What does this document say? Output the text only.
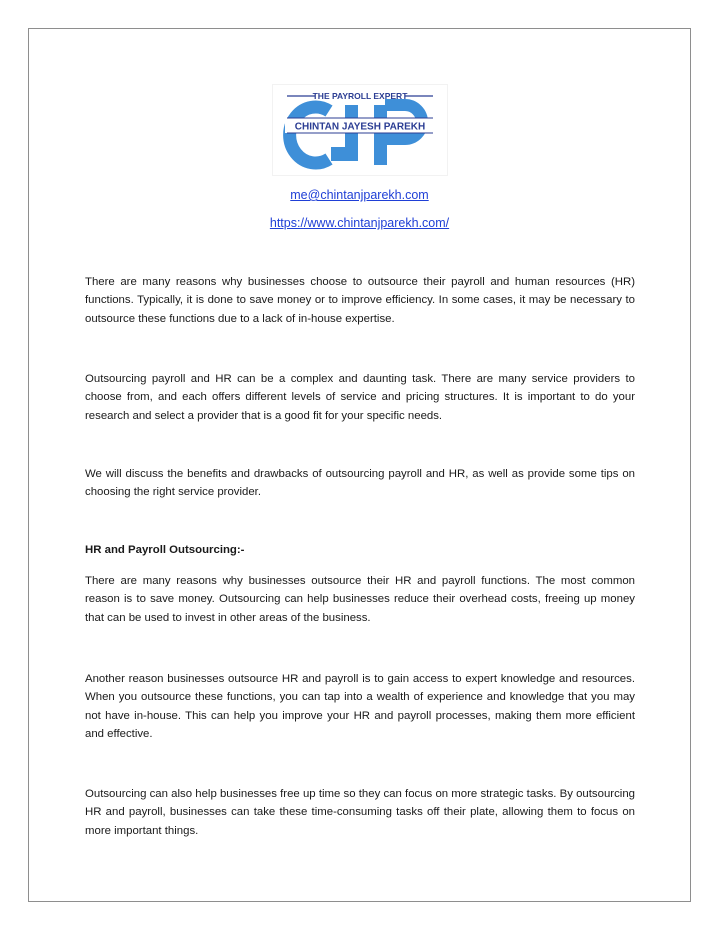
THE PAYROLL EXPERT
CHINTAN JAYESH PAREKH
me@chintanjparekh.com
https://www.chintanjparekh.com/

There are many reasons why businesses choose to outsource their payroll and human resources (HR) functions. Typically, it is done to save money or to improve efficiency. In some cases, it may be necessary to outsource these functions due to a lack of in-house expertise.

Outsourcing payroll and HR can be a complex and daunting task. There are many service providers to choose from, and each offers different levels of service and pricing structures. It is important to do your research and select a provider that is a good fit for your specific needs.

We will discuss the benefits and drawbacks of outsourcing payroll and HR, as well as provide some tips on choosing the right service provider.

HR and Payroll Outsourcing:-

There are many reasons why businesses outsource their HR and payroll functions. The most common reason is to save money. Outsourcing can help businesses reduce their overhead costs, freeing up money that can be used to invest in other areas of the business.

Another reason businesses outsource HR and payroll is to gain access to expert knowledge and resources. When you outsource these functions, you can tap into a wealth of experience and knowledge that you may not have in-house. This can help you improve your HR and payroll processes, making them more efficient and effective.

Outsourcing can also help businesses free up time so they can focus on more strategic tasks. By outsourcing HR and payroll, businesses can take these time-consuming tasks off their plate, allowing them to focus on more important things.
